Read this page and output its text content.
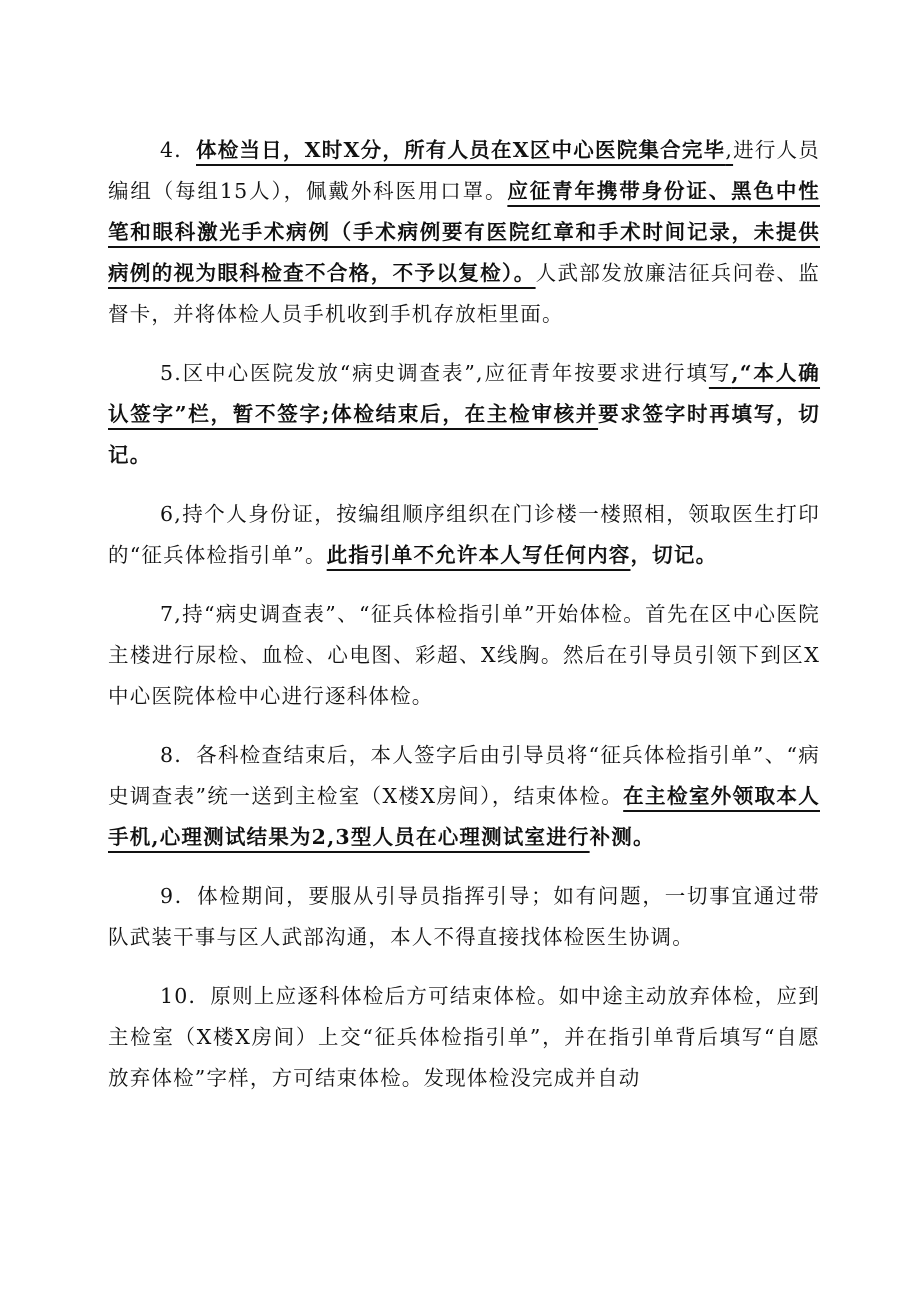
4．体检当日，X时X分，所有人员在X区中心医院集合完毕,进行人员编组（每组15人），佩戴外科医用口罩。应征青年携带身份证、黑色中性笔和眼科激光手术病例（手术病例要有医院红章和手术时间记录，未提供病例的视为眼科检查不合格，不予以复检）。人武部发放廉洁征兵问卷、监督卡，并将体检人员手机收到手机存放柜里面。

5.区中心医院发放“病史调查表”,应征青年按要求进行填写,“本人确认签字”栏，暂不签字;体检结束后，在主检审核并要求签字时再填写，切记。

6,持个人身份证，按编组顺序组织在门诊楼一楼照相，领取医生打印的“征兵体检指引单”。此指引单不允许本人写任何内容，切记。

7,持“病史调查表”、“征兵体检指引单”开始体检。首先在区中心医院主楼进行尿检、血检、心电图、彩超、X线胸。然后在引导员引领下到区X中心医院体检中心进行逐科体检。

8．各科检查结束后，本人签字后由引导员将“征兵体检指引单”、“病史调查表”统一送到主检室（X楼X房间），结束体检。在主检室外领取本人手机,心理测试结果为2,3型人员在心理测试室进行补测。

9．体检期间，要服从引导员指挥引导；如有问题，一切事宜通过带队武装干事与区人武部沟通，本人不得直接找体检医生协调。

10．原则上应逐科体检后方可结束体检。如中途主动放弃体检，应到主检室（X楼X房间）上交“征兵体检指引单”，并在指引单背后填写“自愿放弃体检”字样，方可结束体检。发现体检没完成并自动
